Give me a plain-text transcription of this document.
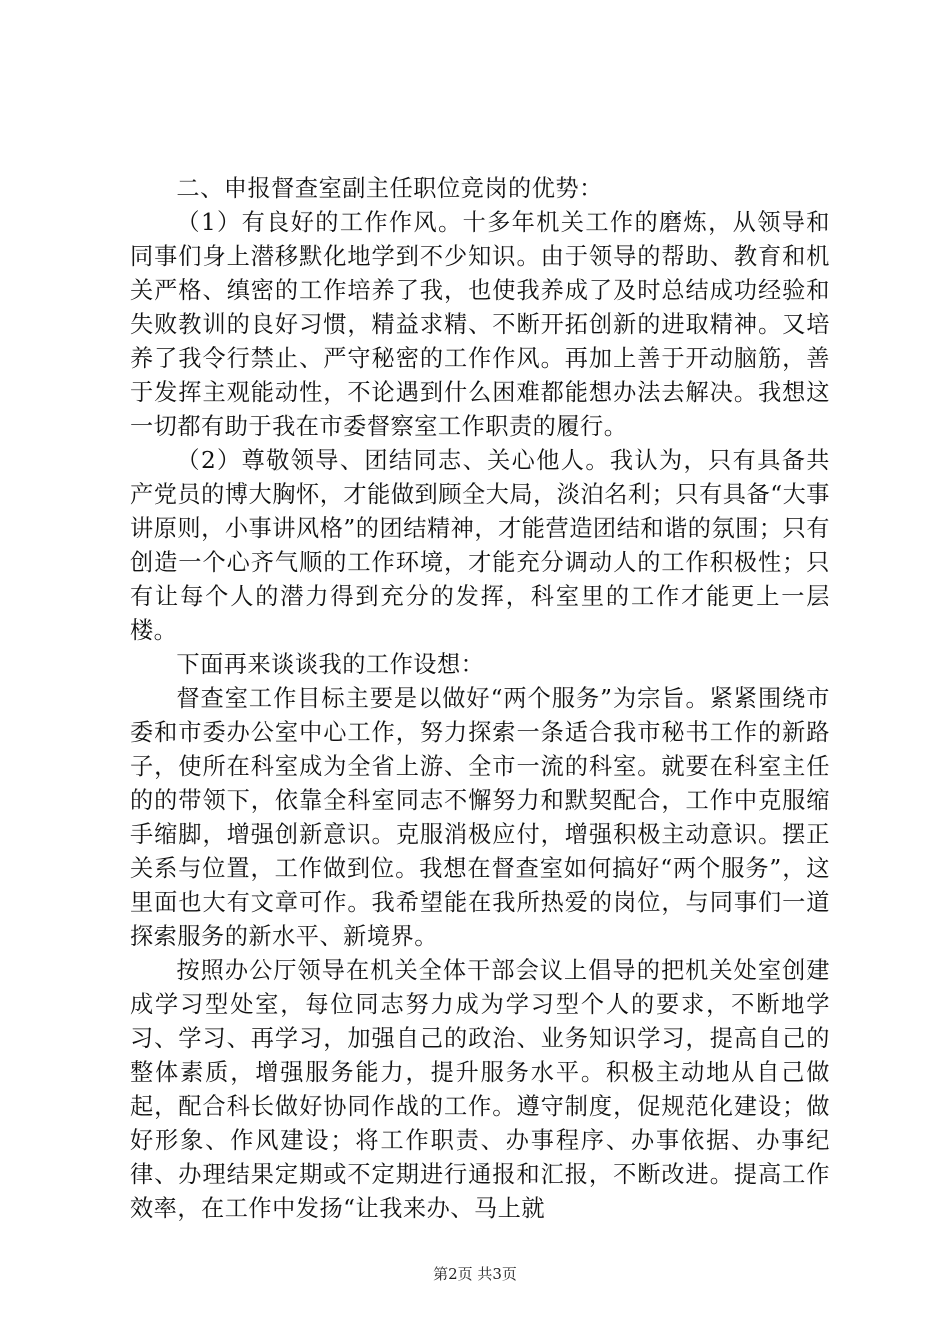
二、申报督查室副主任职位竞岗的优势：

（1）有良好的工作作风。十多年机关工作的磨炼，从领导和同事们身上潜移默化地学到不少知识。由于领导的帮助、教育和机关严格、缜密的工作培养了我，也使我养成了及时总结成功经验和失败教训的良好习惯，精益求精、不断开拓创新的进取精神。又培养了我令行禁止、严守秘密的工作作风。再加上善于开动脑筋，善于发挥主观能动性，不论遇到什么困难都能想办法去解决。我想这一切都有助于我在市委督察室工作职责的履行。

（2）尊敬领导、团结同志、关心他人。我认为，只有具备共产党员的博大胸怀，才能做到顾全大局，淡泊名利；只有具备“大事讲原则，小事讲风格”的团结精神，才能营造团结和谐的氛围；只有创造一个心齐气顺的工作环境，才能充分调动人的工作积极性；只有让每个人的潜力得到充分的发挥，科室里的工作才能更上一层楼。

下面再来谈谈我的工作设想：

督查室工作目标主要是以做好“两个服务”为宗旨。紧紧围绕市委和市委办公室中心工作，努力探索一条适合我市秘书工作的新路子，使所在科室成为全省上游、全市一流的科室。就要在科室主任的的带领下，依靠全科室同志不懈努力和默契配合，工作中克服缩手缩脚，增强创新意识。克服消极应付，增强积极主动意识。摆正关系与位置，工作做到位。我想在督查室如何搞好“两个服务”，这里面也大有文章可作。我希望能在我所热爱的岗位，与同事们一道探索服务的新水平、新境界。

按照办公厅领导在机关全体干部会议上倡导的把机关处室创建成学习型处室，每位同志努力成为学习型个人的要求，不断地学习、学习、再学习，加强自己的政治、业务知识学习，提高自己的整体素质，增强服务能力，提升服务水平。积极主动地从自己做起，配合科长做好协同作战的工作。遵守制度，促规范化建设；做好形象、作风建设；将工作职责、办事程序、办事依据、办事纪律、办理结果定期或不定期进行通报和汇报，不断改进。提高工作效率，在工作中发扬“让我来办、马上就

第2页 共3页
